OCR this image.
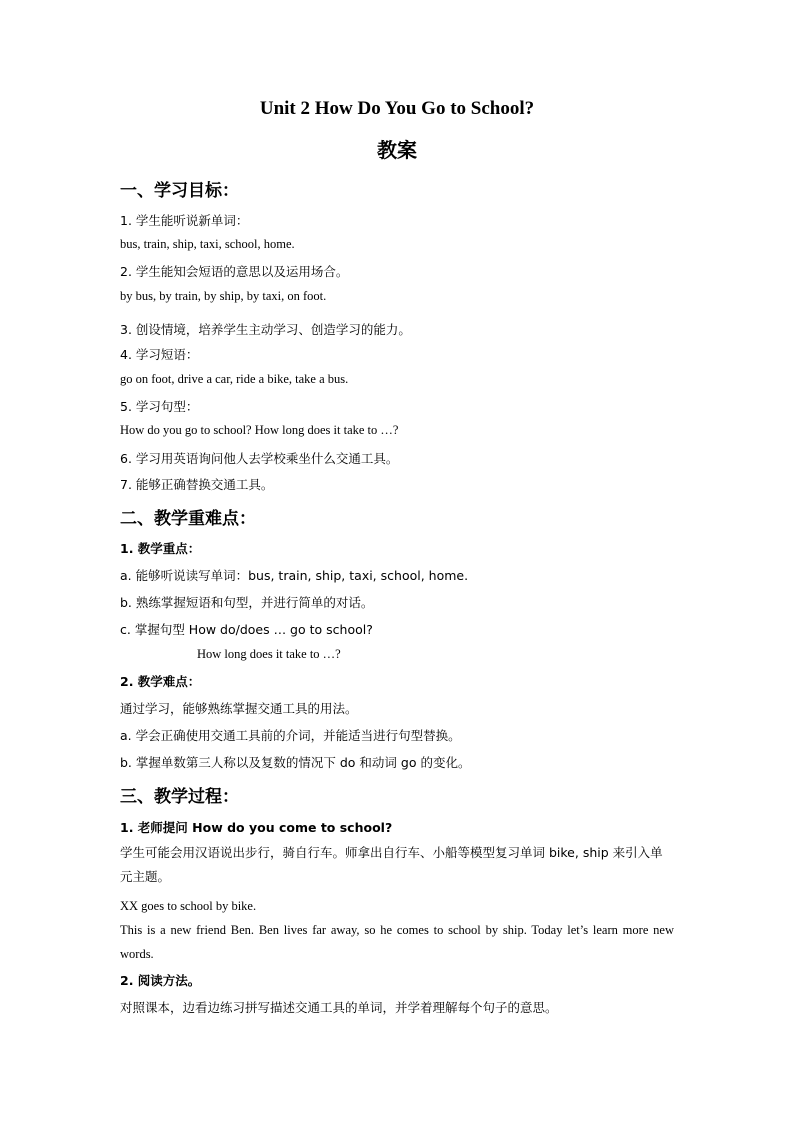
Unit 2 How Do You Go to School?
教案
一、学习目标：
1. 学生能听说新单词：
bus, train, ship, taxi, school, home.
2. 学生能知会短语的意思以及运用场合。
by bus, by train, by ship, by taxi, on foot.
3. 创设情境，培养学生主动学习、创造学习的能力。
4. 学习短语：
go on foot, drive a car, ride a bike, take a bus.
5. 学习句型：
How do you go to school? How long does it take to …?
6. 学习用英语询问他人去学校乘坐什么交通工具。
7. 能够正确替换交通工具。
二、教学重难点：
1. 教学重点：
a. 能够听说读写单词：bus, train, ship, taxi, school, home.
b. 熟练掌握短语和句型，并进行简单的对话。
c. 掌握句型 How do/does … go to school?
How long does it take to …?
2. 教学难点：
通过学习，能够熟练掌握交通工具的用法。
a. 学会正确使用交通工具前的介词，并能适当进行句型替换。
b. 掌握单数第三人称以及复数的情况下 do 和动词 go 的变化。
三、教学过程：
1. 老师提问 How do you come to school?
学生可能会用汉语说出步行，骑自行车。师拿出自行车、小船等模型复习单词 bike, ship 来引入单元主题。
XX goes to school by bike.
This is a new friend Ben. Ben lives far away, so he comes to school by ship. Today let’s learn more new words.
2. 阅读方法。
对照课本，边看边练习拼写描述交通工具的单词，并学着理解每个句子的意思。
